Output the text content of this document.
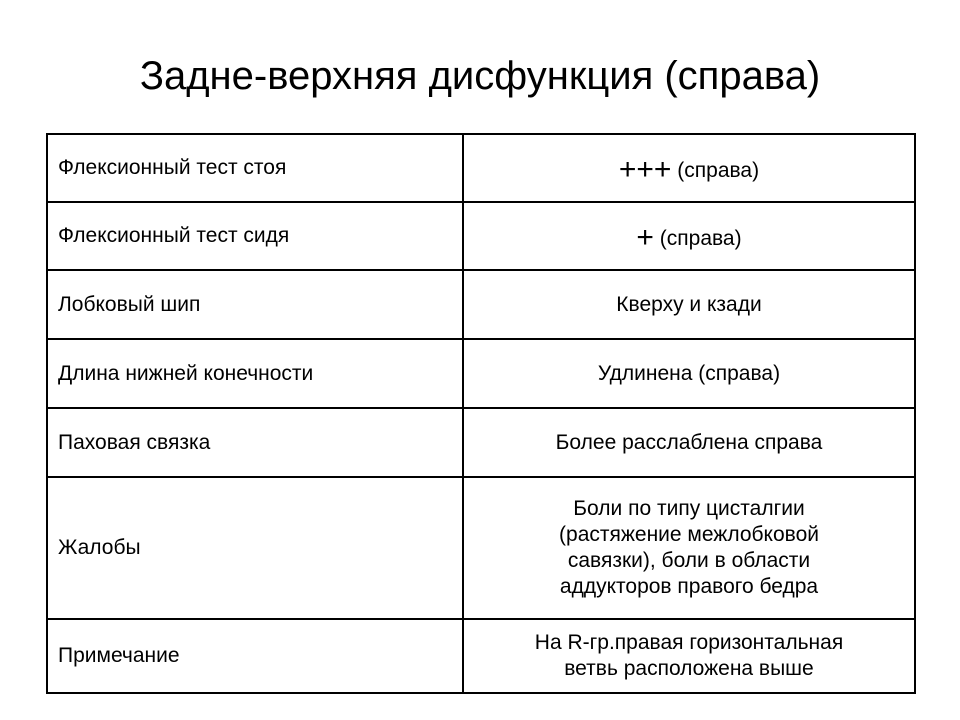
Задне-верхняя дисфункция (справа)
Флексионный тест стоя	+++ (справа)
Флексионный тест сидя	+ (справа)
Лобковый шип	Кверху и кзади
Длина нижней конечности	Удлинена (справа)
Паховая связка	Более расслаблена справа
Жалобы	Боли по типу цисталгии
(растяжение межлобковой
савязки), боли в области
аддукторов правого бедра

Примечание	На R-гр.правая горизонтальная
ветвь расположена выше
